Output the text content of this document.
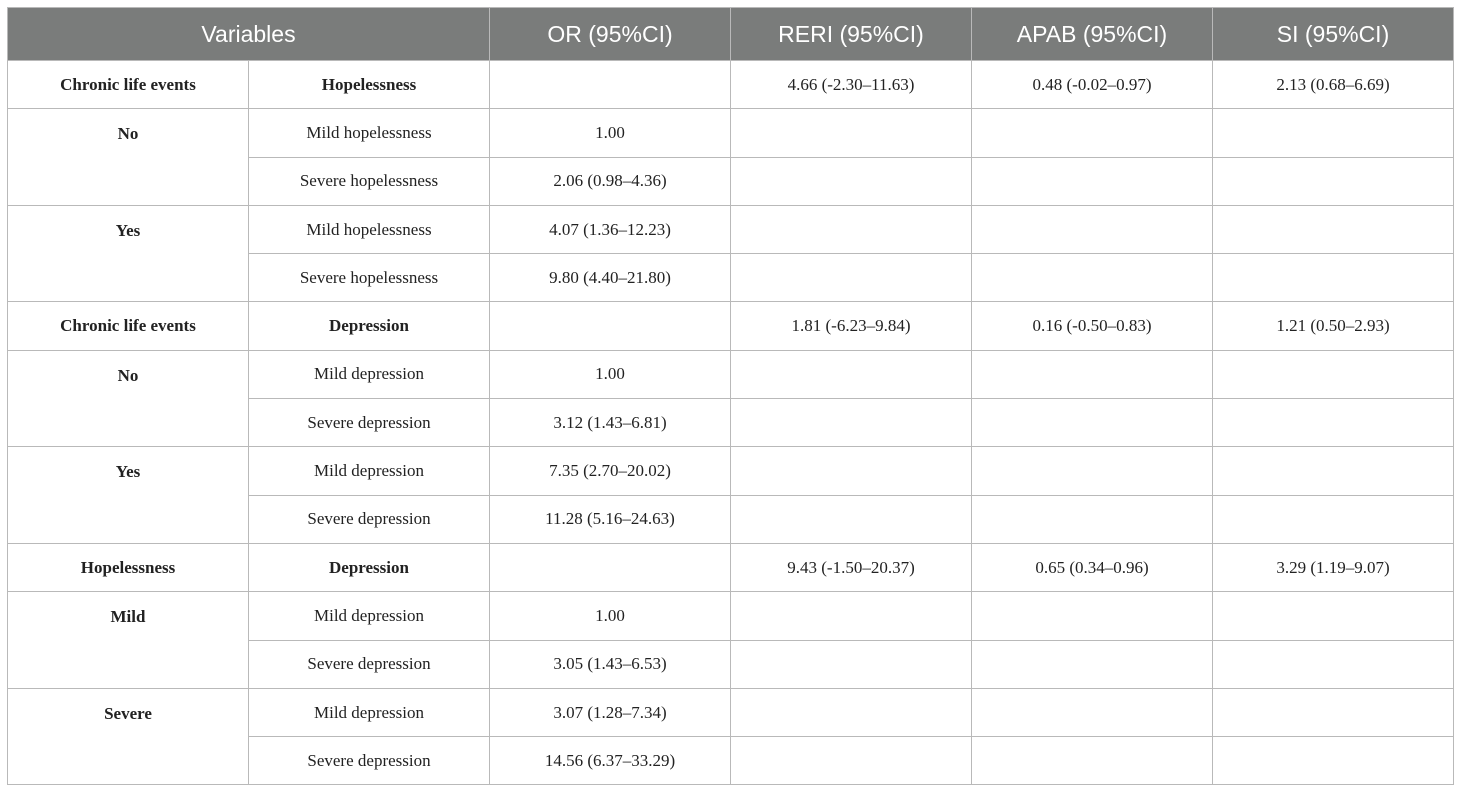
Variables		OR (95%CI)	RERI (95%CI)	APAB (95%CI)	SI (95%CI)
Chronic life events	Hopelessness		4.66 (-2.30–11.63)	0.48 (-0.02–0.97)	2.13 (0.68–6.69)
No	Mild hopelessness	1.00			
	Severe hopelessness	2.06 (0.98–4.36)			
Yes	Mild hopelessness	4.07 (1.36–12.23)			
	Severe hopelessness	9.80 (4.40–21.80)			
Chronic life events	Depression		1.81 (-6.23–9.84)	0.16 (-0.50–0.83)	1.21 (0.50–2.93)
No	Mild depression	1.00			
	Severe depression	3.12 (1.43–6.81)			
Yes	Mild depression	7.35 (2.70–20.02)			
	Severe depression	11.28 (5.16–24.63)			
Hopelessness	Depression		9.43 (-1.50–20.37)	0.65 (0.34–0.96)	3.29 (1.19–9.07)
Mild	Mild depression	1.00			
	Severe depression	3.05 (1.43–6.53)			
Severe	Mild depression	3.07 (1.28–7.34)			
	Severe depression	14.56 (6.37–33.29)			
